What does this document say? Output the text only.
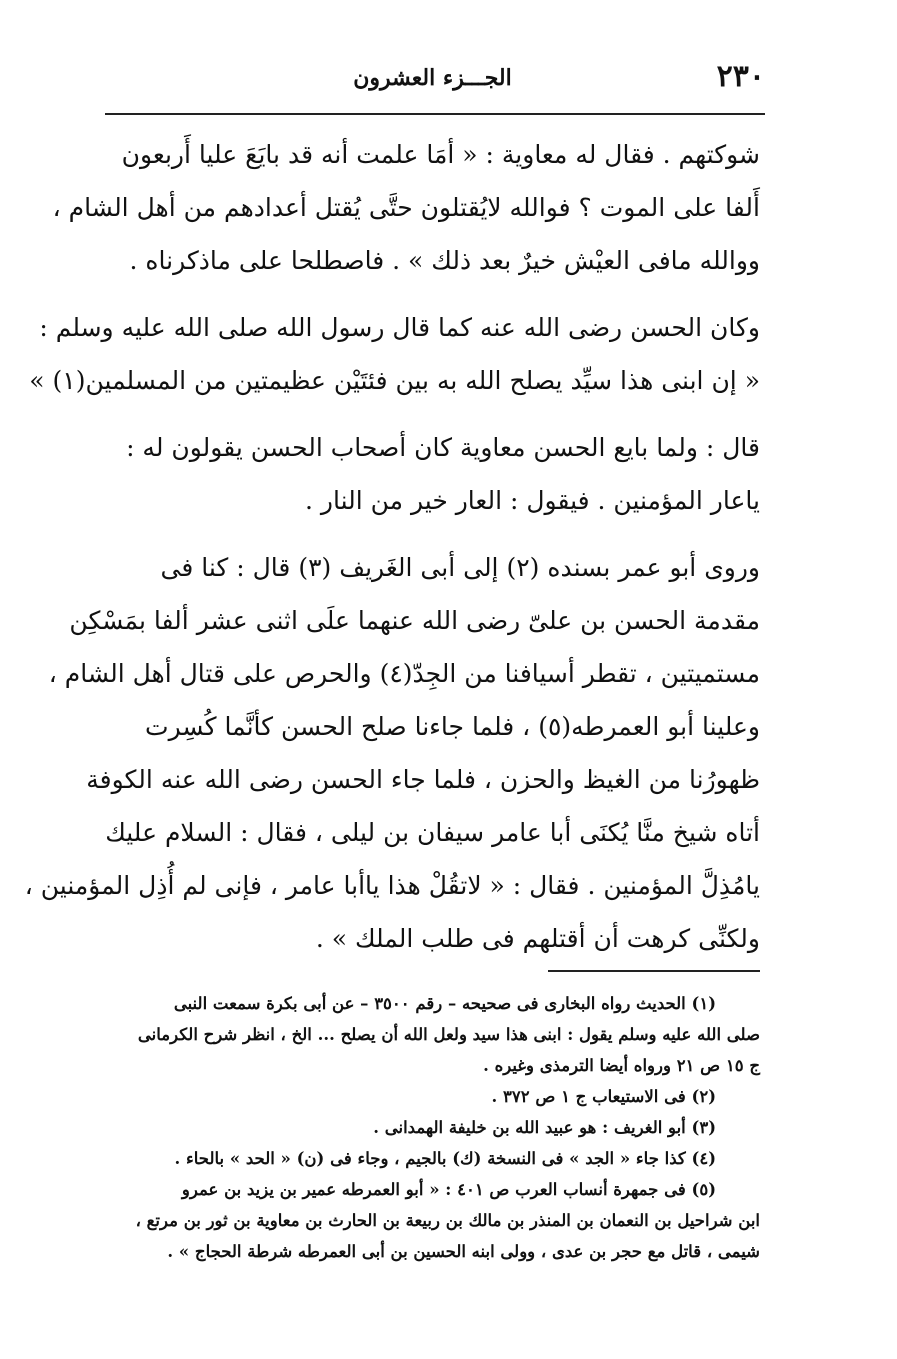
٢٣٠
الجـــزء العشرون

شوكتهم . فقال له معاوية : « أمَا علمت أنه قد بايَعَ عليا أَربعون
أَلفا على الموت ؟ فوالله لايُقتلون حتَّى يُقتل أعدادهم من أهل الشام ،
ووالله مافى العيْش خيرٌ بعد ذلك » . فاصطلحا على ماذكرناه .

وكان الحسن رضى الله عنه كما قال رسول الله صلى الله عليه وسلم :
« إن ابنى هذا سيِّد يصلح الله به بين فئتَيْن عظيمتين من المسلمين(١) »

قال : ولما بايع الحسن معاوية كان أصحاب الحسن يقولون له :
ياعار المؤمنين . فيقول : العار خير من النار .

وروى أبو عمر بسنده (٢) إلى أبى الغَريف (٣) قال : كنا فى
مقدمة الحسن بن علىّ رضى الله عنهما علَى اثنى عشر ألفا بمَسْكِن
مستميتين ، تقطر أسيافنا من الجِدّ(٤) والحرص على قتال أهل الشام ،
وعلينا أبو العمرطه(٥) ، فلما جاءنا صلح الحسن كأنَّما كُسِرت
ظهورُنا من الغيظ والحزن ، فلما جاء الحسن رضى الله عنه الكوفة
أتاه شيخ منَّا يُكنَى أبا عامر سيفان بن ليلى ، فقال : السلام عليك
يامُذِلَّ المؤمنين . فقال : « لاتقُلْ هذا ياأبا عامر ، فإنى لم أُذِل المؤمنين ،
ولكنِّى كرهت أن أقتلهم فى طلب الملك » .

(١) الحديث رواه البخارى فى صحيحه – رقم ٣٥٠٠ – عن أبى بكرة سمعت النبى

صلى الله عليه وسلم يقول : ابنى هذا سيد ولعل الله أن يصلح ... الخ ، انظر شرح الكرمانى

ج ١٥ ص ٢١ ورواه أيضا الترمذى وغيره .

(٢) فى الاستيعاب ج ١ ص ٣٧٢ .

(٣) أبو الغريف : هو عبيد الله بن خليفة الهمدانى .

(٤) كذا جاء « الجد » فى النسخة (ك) بالجيم ، وجاء فى (ن) « الحد » بالحاء .

(٥) فى جمهرة أنساب العرب ص ٤٠١ : « أبو العمرطه عمير بن يزيد بن عمرو

ابن شراحيل بن النعمان بن المنذر بن مالك بن ربيعة بن الحارث بن معاوية بن ثور بن مرتع ،

شيمى ، قاتل مع حجر بن عدى ، وولى ابنه الحسين بن أبى العمرطه شرطة الحجاج » .
